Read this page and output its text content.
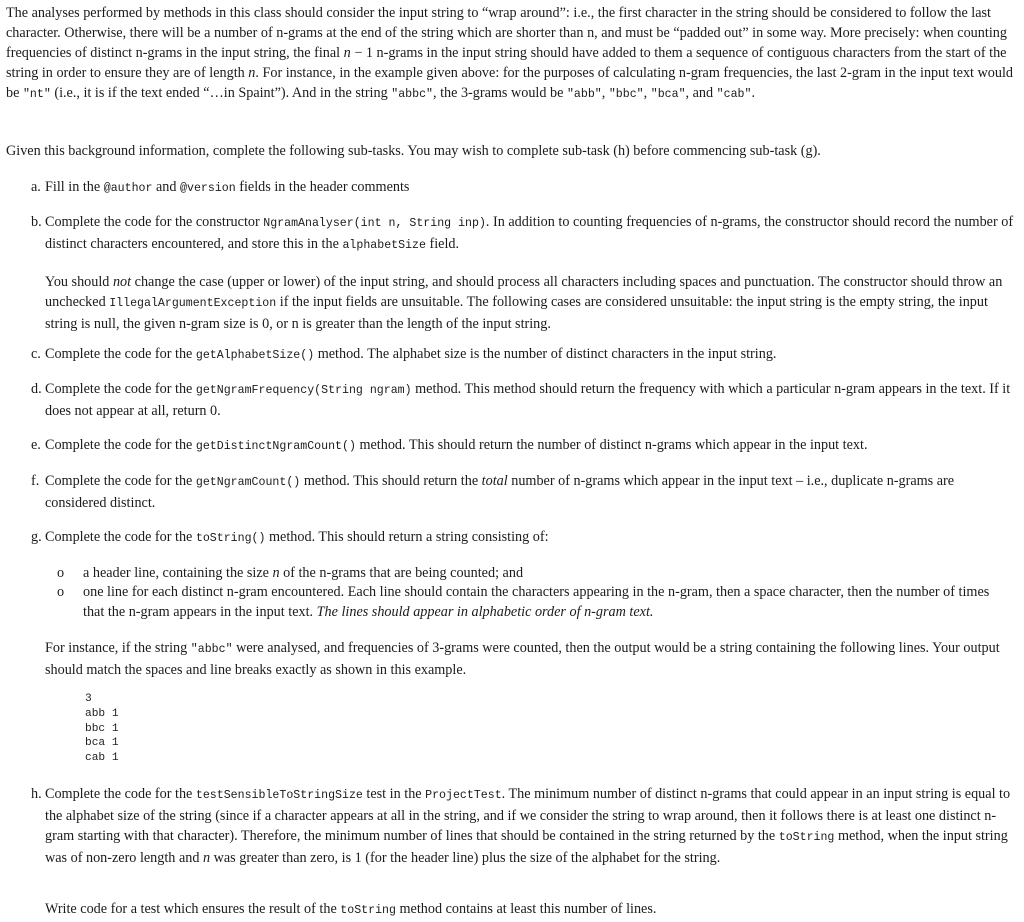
The analyses performed by methods in this class should consider the input string to “wrap around”: i.e., the first character in the string should be considered to follow the last character. Otherwise, there will be a number of n-grams at the end of the string which are shorter than n, and must be “padded out” in some way. More precisely: when counting frequencies of distinct n-grams in the input string, the final n − 1 n-grams in the input string should have added to them a sequence of contiguous characters from the start of the string in order to ensure they are of length n. For instance, in the example given above: for the purposes of calculating n-gram frequencies, the last 2-gram in the input text would be "nt" (i.e., it is if the text ended “…in Spaint”). And in the string "abbc", the 3-grams would be "abb", "bbc", "bca", and "cab".

Given this background information, complete the following sub-tasks. You may wish to complete sub-task (h) before commencing sub-task (g).

a. Fill in the @author and @version fields in the header comments

b. Complete the code for the constructor NgramAnalyser(int n, String inp). In addition to counting frequencies of n-grams, the constructor should record the number of distinct characters encountered, and store this in the alphabetSize field.

You should not change the case (upper or lower) of the input string, and should process all characters including spaces and punctuation. The constructor should throw an unchecked IllegalArgumentException if the input fields are unsuitable. The following cases are considered unsuitable: the input string is the empty string, the input string is null, the given n-gram size is 0, or n is greater than the length of the input string.

c. Complete the code for the getAlphabetSize() method. The alphabet size is the number of distinct characters in the input string.

d. Complete the code for the getNgramFrequency(String ngram) method. This method should return the frequency with which a particular n-gram appears in the text. If it does not appear at all, return 0.

e. Complete the code for the getDistinctNgramCount() method. This should return the number of distinct n-grams which appear in the input text.

f. Complete the code for the getNgramCount() method. This should return the total number of n-grams which appear in the input text – i.e., duplicate n-grams are considered distinct.

g. Complete the code for the toString() method. This should return a string consisting of:

o a header line, containing the size n of the n-grams that are being counted; and

o one line for each distinct n-gram encountered. Each line should contain the characters appearing in the n-gram, then a space character, then the number of times that the n-gram appears in the input text. The lines should appear in alphabetic order of n-gram text.

For instance, if the string "abbc" were analysed, and frequencies of 3-grams were counted, then the output would be a string containing the following lines. Your output should match the spaces and line breaks exactly as shown in this example.

3
abb 1
bbc 1
bca 1
cab 1
h. Complete the code for the testSensibleToStringSize test in the ProjectTest. The minimum number of distinct n-grams that could appear in an input string is equal to the alphabet size of the string (since if a character appears at all in the string, and if we consider the string to wrap around, then it follows there is at least one distinct n-gram starting with that character). Therefore, the minimum number of lines that should be contained in the string returned by the toString method, when the input string was of non-zero length and n was greater than zero, is 1 (for the header line) plus the size of the alphabet for the string.

Write code for a test which ensures the result of the toString method contains at least this number of lines.
